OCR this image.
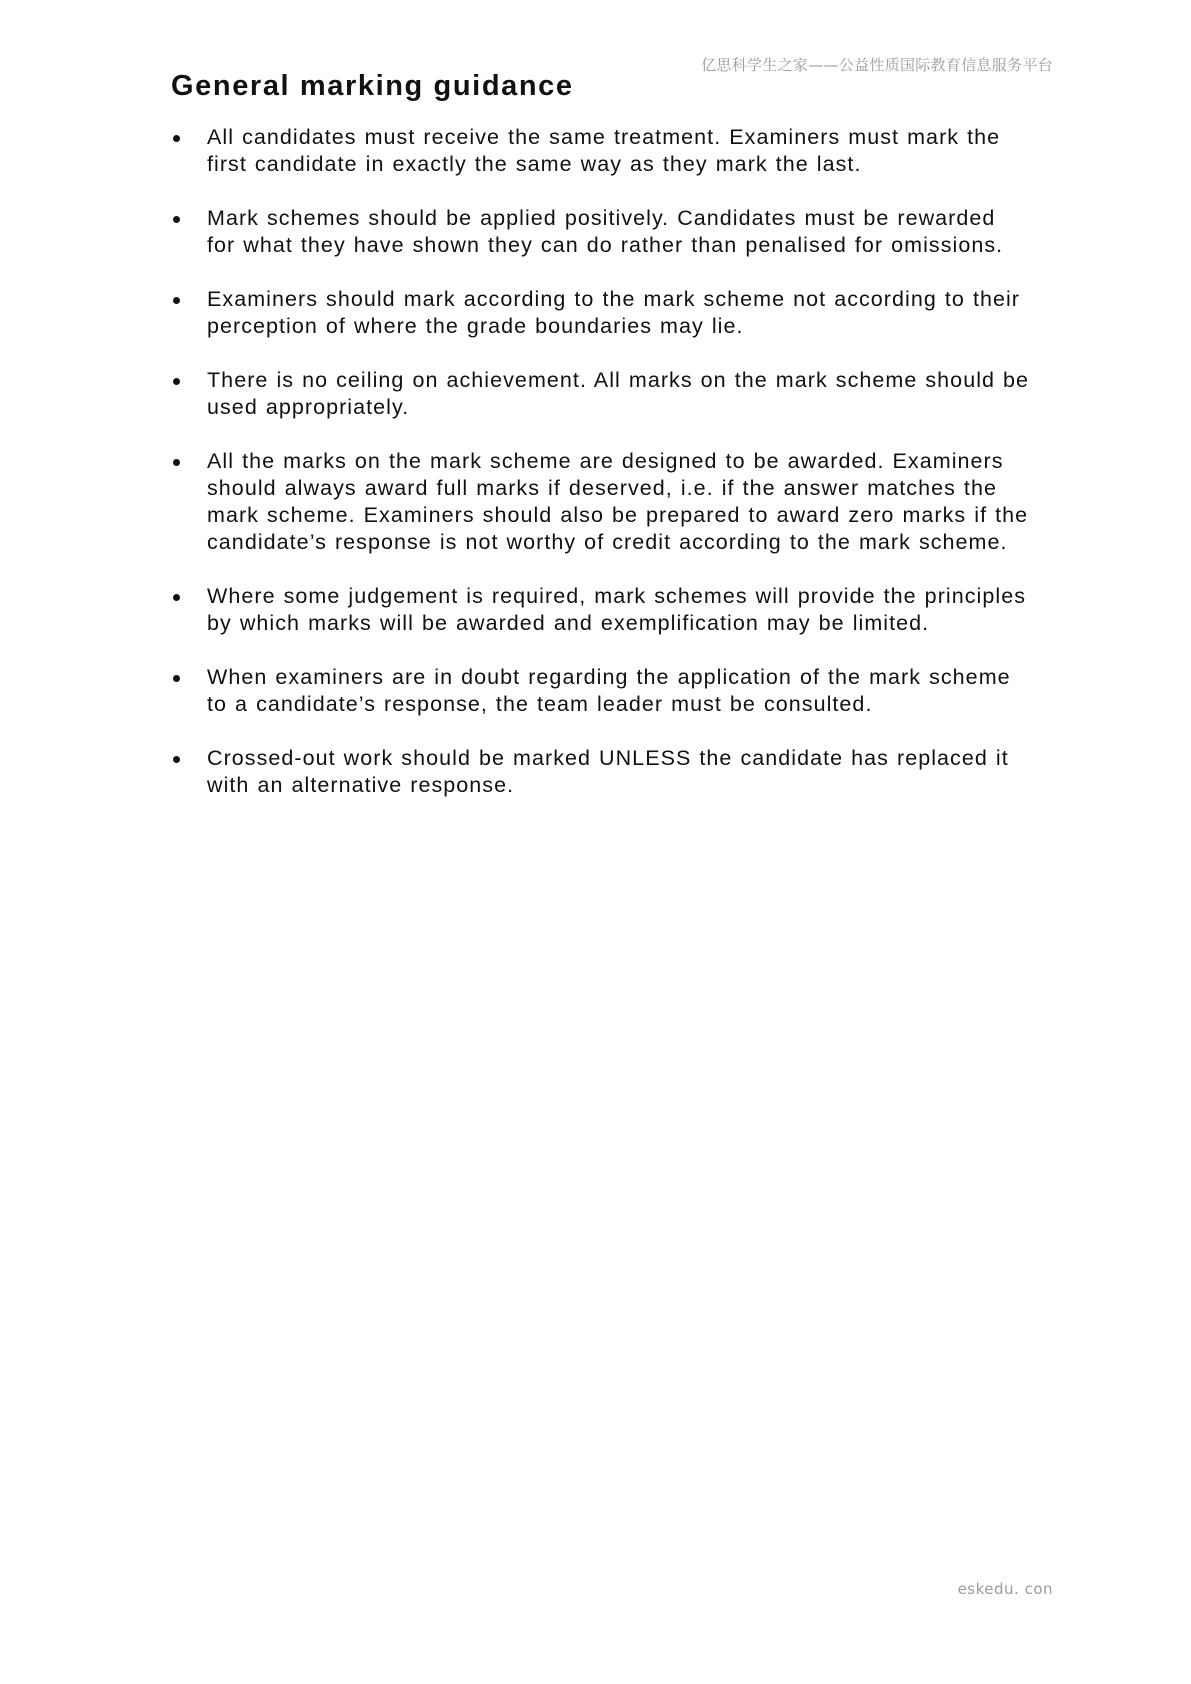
亿思科学生之家——公益性质国际教育信息服务平台
General marking guidance
All candidates must receive the same treatment. Examiners must mark the first candidate in exactly the same way as they mark the last.
Mark schemes should be applied positively. Candidates must be rewarded for what they have shown they can do rather than penalised for omissions.
Examiners should mark according to the mark scheme not according to their perception of where the grade boundaries may lie.
There is no ceiling on achievement. All marks on the mark scheme should be used appropriately.
All the marks on the mark scheme are designed to be awarded. Examiners should always award full marks if deserved, i.e. if the answer matches the mark scheme. Examiners should also be prepared to award zero marks if the candidate’s response is not worthy of credit according to the mark scheme.
Where some judgement is required, mark schemes will provide the principles by which marks will be awarded and exemplification may be limited.
When examiners are in doubt regarding the application of the mark scheme to a candidate’s response, the team leader must be consulted.
Crossed-out work should be marked UNLESS the candidate has replaced it with an alternative response.
eskedu. con
